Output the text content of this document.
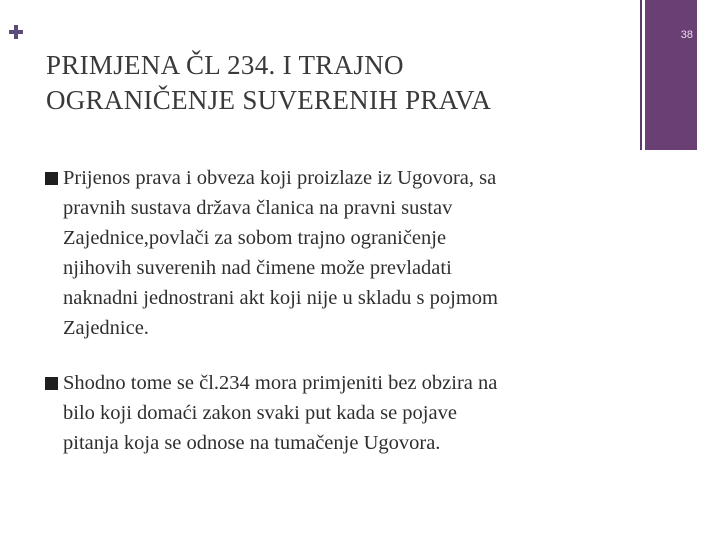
38
PRIMJENA ČL 234. I TRAJNO
OGRANIČENJE SUVERENIH PRAVA
Prijenos prava i obveza koji proizlaze iz Ugovora, sa
pravnih sustava država članica na pravni sustav
Zajednice,povlači za sobom trajno ograničenje
njihovih suverenih nad čimene može prevladati
naknadni jednostrani akt koji nije u skladu s pojmom
Zajednice.
Shodno tome se čl.234 mora primjeniti bez obzira na
bilo koji domaći zakon svaki put kada se pojave
pitanja koja se odnose na tumačenje Ugovora.
